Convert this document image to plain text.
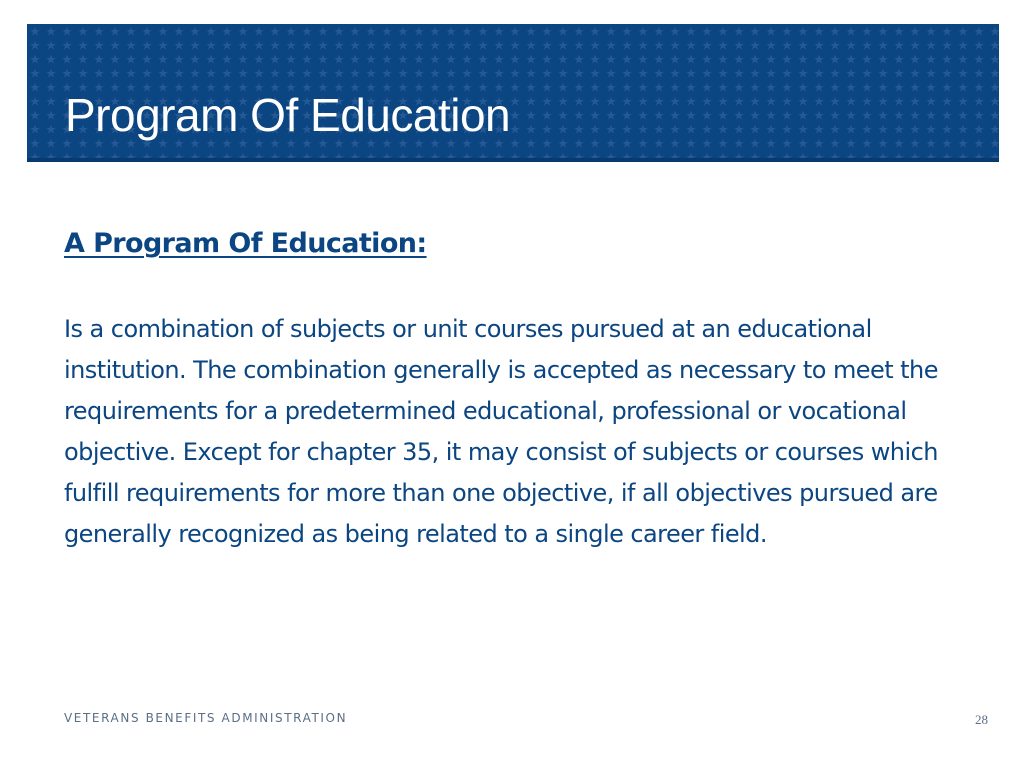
Program Of Education
A Program Of Education:

Is a combination of subjects or unit courses pursued at an educational institution. The combination generally is accepted as necessary to meet the requirements for a predetermined educational, professional or vocational objective. Except for chapter 35, it may consist of subjects or courses which fulfill requirements for more than one objective, if all objectives pursued are generally recognized as being related to a single career field.

VETERANS BENEFITS ADMINISTRATION	28
